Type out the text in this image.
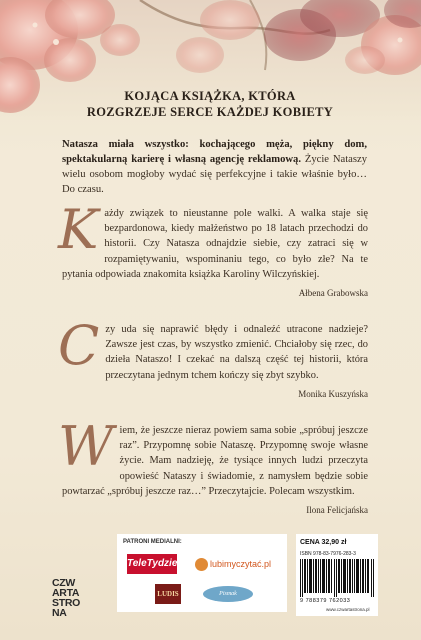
KOJĄCA KSIĄŻKA, KTÓRA
ROZGRZEJE SERCE KAŻDEJ KOBIETY
Natasza miała wszystko: kochającego męża, piękny dom, spektakularną karierę i własną agencję reklamową. Życie Nataszy wielu osobom mogłoby wydać się perfekcyjne i takie właśnie było… Do czasu.
K ażdy związek to nieustanne pole walki. A walka staje się bezpardonowa, kiedy małżeństwo po 18 latach przechodzi do historii. Czy Natasza odnajdzie siebie, czy zatraci się w rozpamiętywaniu, wspominaniu tego, co było złe? Na te pytania odpowiada znakomita książka Karoliny Wilczyńskiej.
Ałbena Grabowska
C zy uda się naprawić błędy i odnaleźć utracone nadzieje? Zawsze jest czas, by wszystko zmienić. Chciałoby się rzec, do dzieła Nataszo! I czekać na dalszą część tej historii, która przeczytana jednym tchem kończy się zbyt szybko.
Monika Kuszyńska
W iem, że jeszcze nieraz powiem sama sobie „spróbuj jeszcze raz”. Przypomnę sobie Nataszę. Przypomnę swoje własne życie. Mam nadzieję, że tysiące innych ludzi przeczyta opowieść Nataszy i świadomie, z namysłem będzie sobie powtarzać „spróbuj jeszcze raz…” Przeczytajcie. Polecam wszystkim.
Ilona Felicjańska
CZW
ARTA
STRO
NA
PATRONI MEDIALNI:
TeleTydzień	lubimyczytać.pl
LUDIS	Pismak
CENA 32,90 zł
ISBN 978-83-7976-283-3
9 788379 762033
www.czwartastrona.pl
